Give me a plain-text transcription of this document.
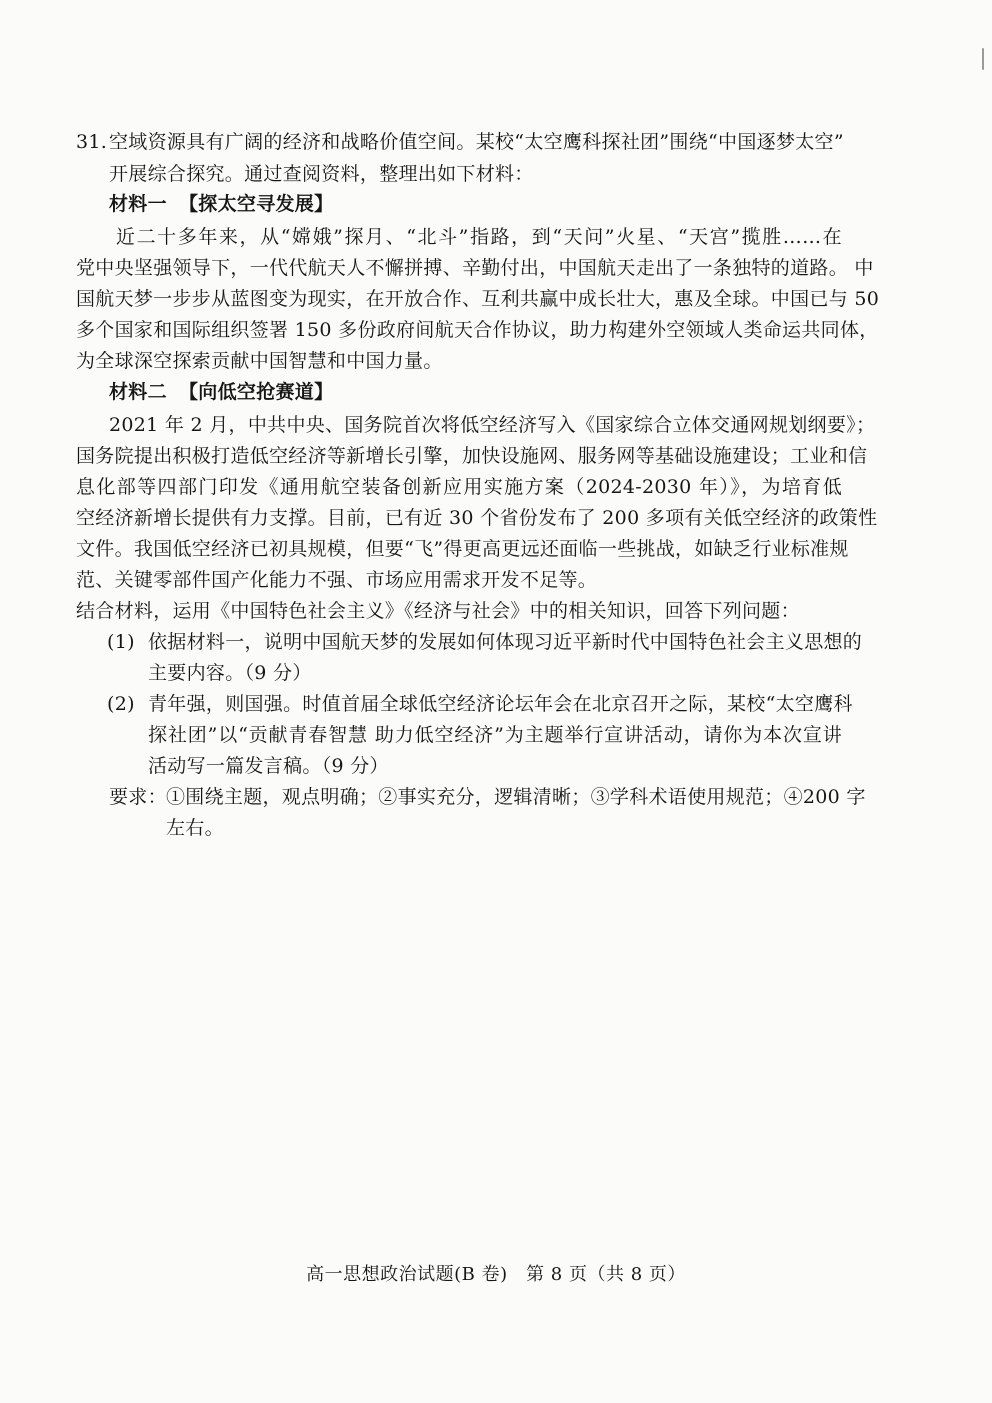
31. 空域资源具有广阔的经济和战略价值空间。某校“太空鹰科探社团”围绕“中国逐梦太空”
开展综合探究。通过查阅资料，整理出如下材料：
材料一 【探太空寻发展】
近二十多年来，从“嫦娥”探月、“北斗”指路，到“天问”火星、“天宫”揽胜……在
党中央坚强领导下，一代代航天人不懈拼搏、辛勤付出，中国航天走出了一条独特的道路。 中
国航天梦一步步从蓝图变为现实，在开放合作、互利共赢中成长壮大，惠及全球。中国已与 50
多个国家和国际组织签署 150 多份政府间航天合作协议，助力构建外空领域人类命运共同体，
为全球深空探索贡献中国智慧和中国力量。
材料二 【向低空抢赛道】
2021 年 2 月，中共中央、国务院首次将低空经济写入《国家综合立体交通网规划纲要》；
国务院提出积极打造低空经济等新增长引擎，加快设施网、服务网等基础设施建设；工业和信
息化部等四部门印发《通用航空装备创新应用实施方案（2024-2030 年）》，为培育低
空经济新增长提供有力支撑。目前，已有近 30 个省份发布了 200 多项有关低空经济的政策性
文件。我国低空经济已初具规模，但要“飞”得更高更远还面临一些挑战，如缺乏行业标准规
范、关键零部件国产化能力不强、市场应用需求开发不足等。
结合材料，运用《中国特色社会主义》《经济与社会》中的相关知识，回答下列问题：
(1) 依据材料一，说明中国航天梦的发展如何体现习近平新时代中国特色社会主义思想的
主要内容。（9 分）
(2) 青年强，则国强。时值首届全球低空经济论坛年会在北京召开之际，某校“太空鹰科
探社团”以“贡献青春智慧 助力低空经济”为主题举行宣讲活动，请你为本次宣讲
活动写一篇发言稿。（9 分）
要求： ①围绕主题，观点明确；②事实充分，逻辑清晰；③学科术语使用规范；④200 字
左右。
高一思想政治试题(B 卷)　第 8 页（共 8 页）
